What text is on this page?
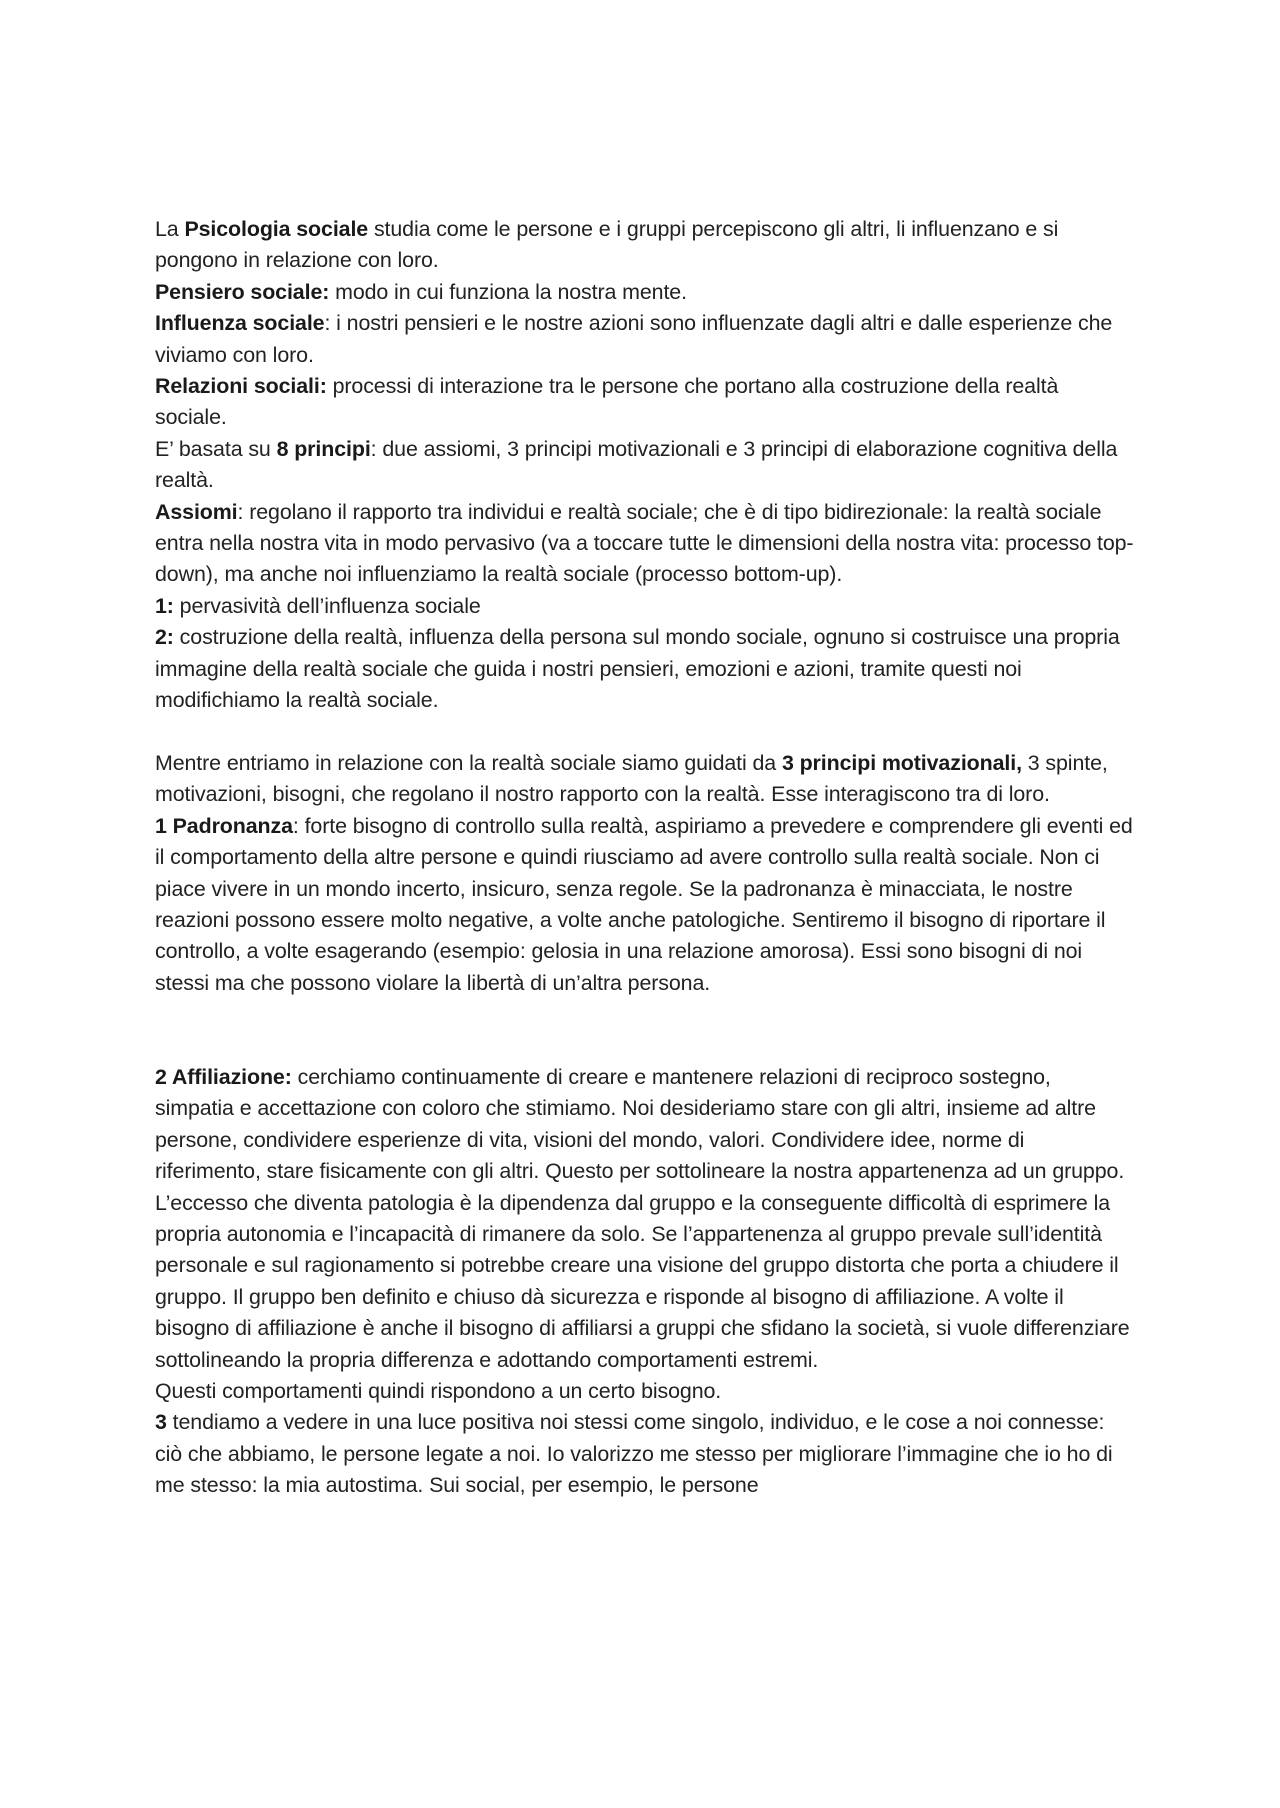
La Psicologia sociale studia come le persone e i gruppi percepiscono gli altri, li influenzano e si pongono in relazione con loro.

Pensiero sociale: modo in cui funziona la nostra mente.

Influenza sociale: i nostri pensieri e le nostre azioni sono influenzate dagli altri e dalle esperienze che viviamo con loro.

Relazioni sociali: processi di interazione tra le persone che portano alla costruzione della realtà sociale.

E’ basata su 8 principi: due assiomi, 3 principi motivazionali e 3 principi di elaborazione cognitiva della realtà.

Assiomi: regolano il rapporto tra individui e realtà sociale; che è di tipo bidirezionale: la realtà sociale entra nella nostra vita in modo pervasivo (va a toccare tutte le dimensioni della nostra vita: processo top-down), ma anche noi influenziamo la realtà sociale (processo bottom-up).

1: pervasività dell’influenza sociale

2: costruzione della realtà, influenza della persona sul mondo sociale, ognuno si costruisce una propria immagine della realtà sociale che guida i nostri pensieri, emozioni e azioni, tramite questi noi modifichiamo la realtà sociale.

Mentre entriamo in relazione con la realtà sociale siamo guidati da 3 principi motivazionali, 3 spinte, motivazioni, bisogni, che regolano il nostro rapporto con la realtà. Esse interagiscono tra di loro.

1 Padronanza: forte bisogno di controllo sulla realtà, aspiriamo a prevedere e comprendere gli eventi ed il comportamento della altre persone e quindi riusciamo ad avere controllo sulla realtà sociale. Non ci piace vivere in un mondo incerto, insicuro, senza regole. Se la padronanza è minacciata, le nostre reazioni possono essere molto negative, a volte anche patologiche. Sentiremo il bisogno di riportare il controllo, a volte esagerando (esempio: gelosia in una relazione amorosa). Essi sono bisogni di noi stessi ma che possono violare la libertà di un’altra persona.

2 Affiliazione: cerchiamo continuamente di creare e mantenere relazioni di reciproco sostegno, simpatia e accettazione con coloro che stimiamo. Noi desideriamo stare con gli altri, insieme ad altre persone, condividere esperienze di vita, visioni del mondo, valori. Condividere idee, norme di riferimento, stare fisicamente con gli altri. Questo per sottolineare la nostra appartenenza ad un gruppo.

L’eccesso che diventa patologia è la dipendenza dal gruppo e la conseguente difficoltà di esprimere la propria autonomia e l’incapacità di rimanere da solo. Se l’appartenenza al gruppo prevale sull’identità personale e sul ragionamento si potrebbe creare una visione del gruppo distorta che porta a chiudere il gruppo. Il gruppo ben definito e chiuso dà sicurezza e risponde al bisogno di affiliazione. A volte il bisogno di affiliazione è anche il bisogno di affiliarsi a gruppi che sfidano la società, si vuole differenziare sottolineando la propria differenza e adottando comportamenti estremi.

Questi comportamenti quindi rispondono a un certo bisogno.

3 tendiamo a vedere in una luce positiva noi stessi come singolo, individuo, e le cose a noi connesse: ciò che abbiamo, le persone legate a noi. Io valorizzo me stesso per migliorare l’immagine che io ho di me stesso: la mia autostima. Sui social, per esempio, le persone
